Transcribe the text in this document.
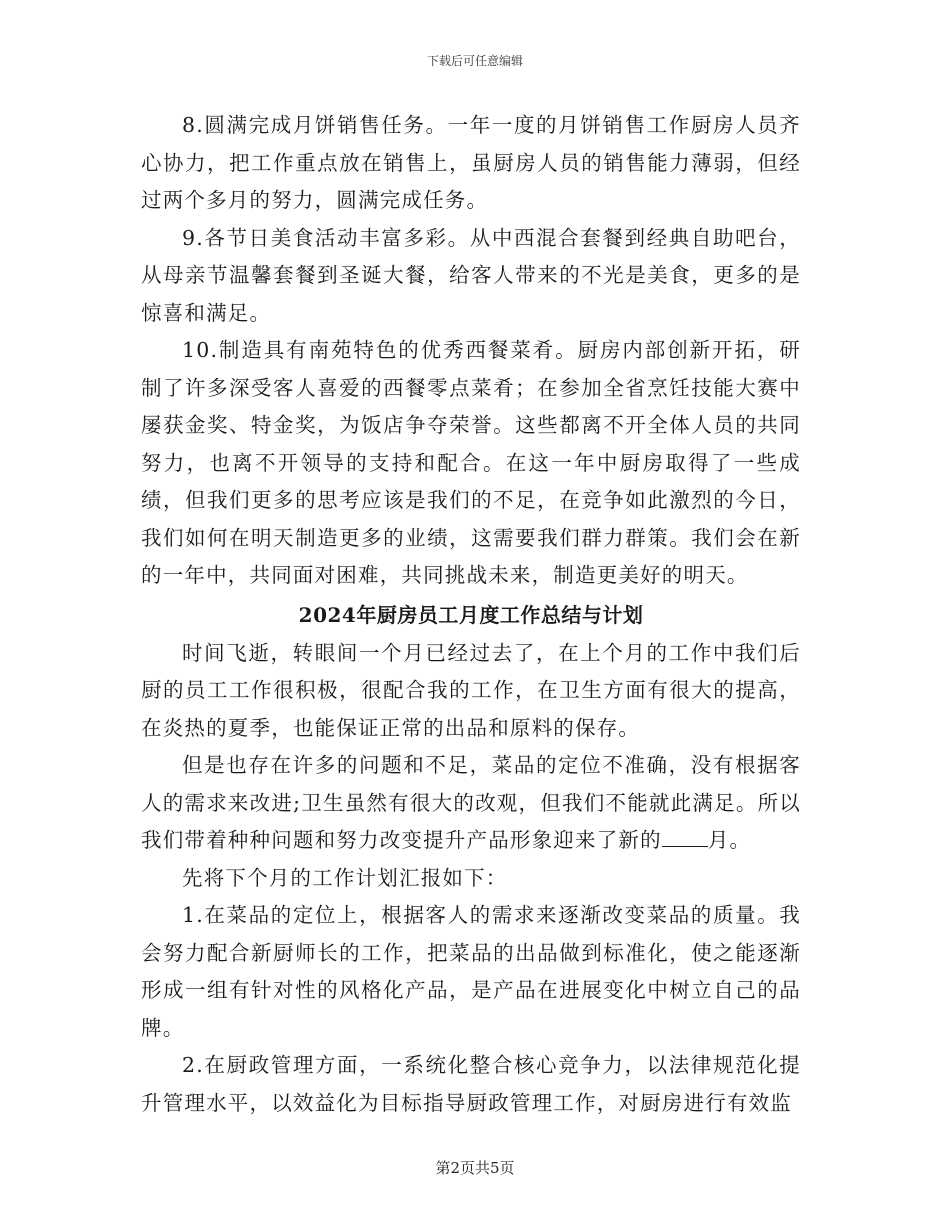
下载后可任意编辑

8.圆满完成月饼销售任务。一年一度的月饼销售工作厨房人员齐心协力，把工作重点放在销售上，虽厨房人员的销售能力薄弱，但经过两个多月的努力，圆满完成任务。

9.各节日美食活动丰富多彩。从中西混合套餐到经典自助吧台，从母亲节温馨套餐到圣诞大餐，给客人带来的不光是美食，更多的是惊喜和满足。

10.制造具有南苑特色的优秀西餐菜肴。厨房内部创新开拓，研制了许多深受客人喜爱的西餐零点菜肴；在参加全省烹饪技能大赛中屡获金奖、特金奖，为饭店争夺荣誉。这些都离不开全体人员的共同努力，也离不开领导的支持和配合。在这一年中厨房取得了一些成绩，但我们更多的思考应该是我们的不足，在竞争如此激烈的今日，我们如何在明天制造更多的业绩，这需要我们群力群策。我们会在新的一年中，共同面对困难，共同挑战未来，制造更美好的明天。

2024年厨房员工月度工作总结与计划

时间飞逝，转眼间一个月已经过去了，在上个月的工作中我们后厨的员工工作很积极，很配合我的工作，在卫生方面有很大的提高，在炎热的夏季，也能保证正常的出品和原料的保存。

但是也存在许多的问题和不足，菜品的定位不准确，没有根据客人的需求来改进;卫生虽然有很大的改观，但我们不能就此满足。所以我们带着种种问题和努力改变提升产品形象迎来了新的 月。

先将下个月的工作计划汇报如下：

1.在菜品的定位上，根据客人的需求来逐渐改变菜品的质量。我会努力配合新厨师长的工作，把菜品的出品做到标准化，使之能逐渐形成一组有针对性的风格化产品，是产品在进展变化中树立自己的品牌。

2.在厨政管理方面，一系统化整合核心竞争力，以法律规范化提升管理水平，以效益化为目标指导厨政管理工作，对厨房进行有效监

第2页共5页
